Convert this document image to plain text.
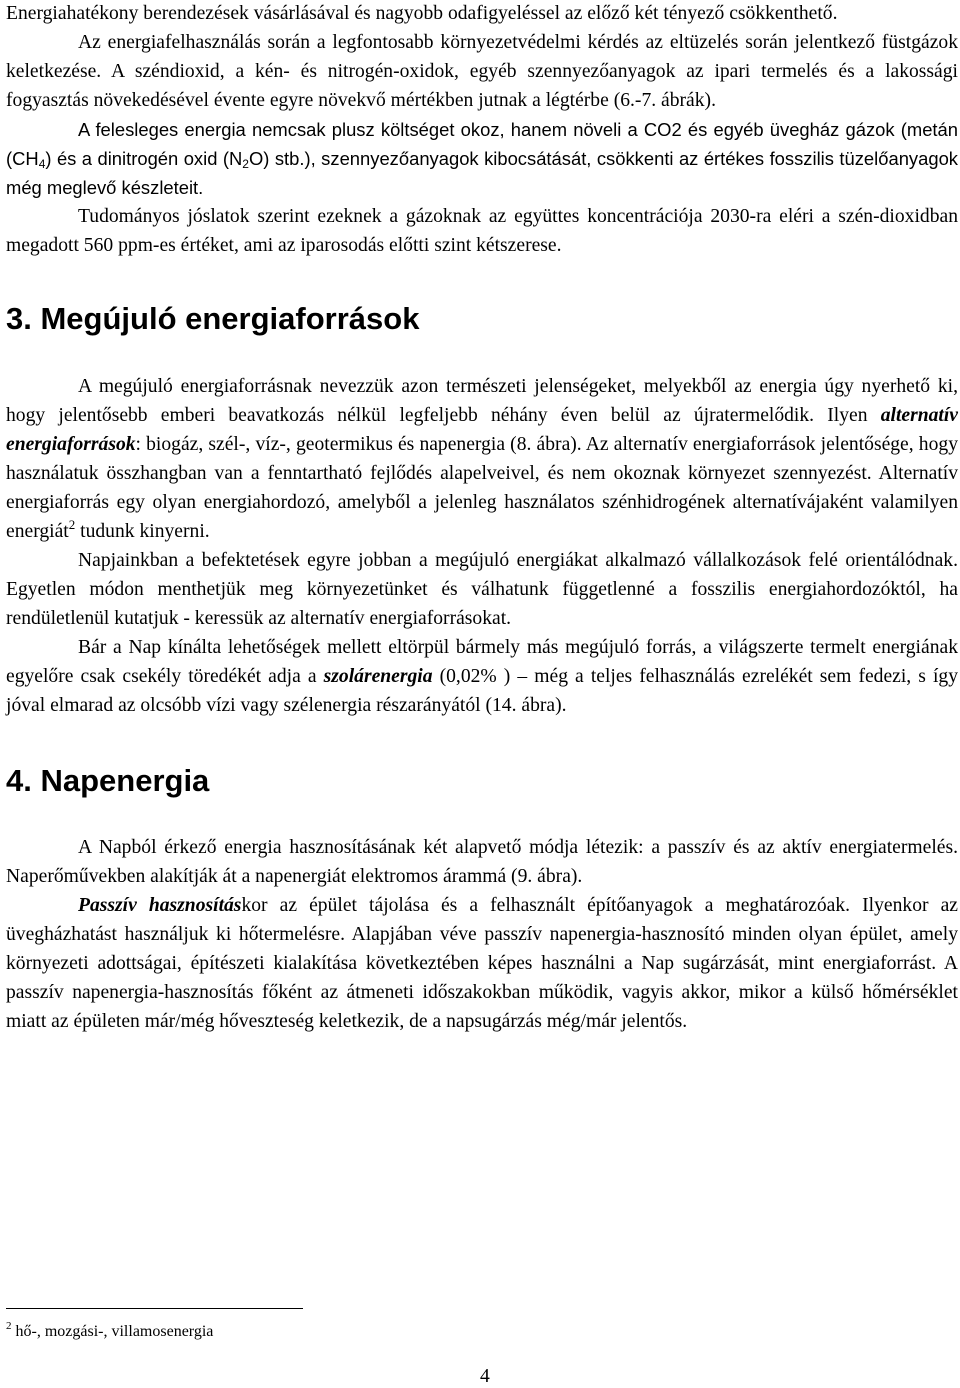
Energiahatékony berendezések vásárlásával és nagyobb odafigyeléssel az előző két tényező csökkenthető.

Az energiafelhasználás során a legfontosabb környezetvédelmi kérdés az eltüzelés során jelentkező füstgázok keletkezése. A széndioxid, a kén- és nitrogén-oxidok, egyéb szennyezőanyagok az ipari termelés és a lakossági fogyasztás növekedésével évente egyre növekvő mértékben jutnak a légtérbe (6.-7. ábrák).

A felesleges energia nemcsak plusz költséget okoz, hanem növeli a CO2 és egyéb üvegház gázok (metán $(CH_4)$ és a dinitrogén oxid $(N_2O)$ stb.), szennyezőanyagok kibocsátását, csökkenti az értékes fosszilis tüzelőanyagok még meglevő készleteit.

Tudományos jóslatok szerint ezeknek a gázoknak az együttes koncentrációja 2030-ra eléri a szén-dioxidban megadott 560 ppm-es értéket, ami az iparosodás előtti szint kétszerese.

3. Megújuló energiaforrások

A megújuló energiaforrásnak nevezzük azon természeti jelenségeket, melyekből az energia úgy nyerhető ki, hogy jelentősebb emberi beavatkozás nélkül legfeljebb néhány éven belül az újratermelődik. Ilyen alternatív energiaforrások: biogáz, szél-, víz-, geotermikus és napenergia (8. ábra). Az alternatív energiaforrások jelentősége, hogy használatuk összhangban van a fenntartható fejlődés alapelveivel, és nem okoznak környezet szennyezést. Alternatív energiaforrás egy olyan energiahordozó, amelyből a jelenleg használatos szénhidrogének alternatívájaként valamilyen energiát$^2$ tudunk kinyerni.

Napjainkban a befektetések egyre jobban a megújuló energiákat alkalmazó vállalkozások felé orientálódnak. Egyetlen módon menthetjük meg környezetünket és válhatunk függetlenné a fosszilis energiahordozóktól, ha rendületlenül kutatjuk - keressük az alternatív energiaforrásokat.

Bár a Nap kínálta lehetőségek mellett eltörpül bármely más megújuló forrás, a világszerte termelt energiának egyelőre csak csekély töredékét adja a szolárenergia (0,02% ) – még a teljes felhasználás ezrelékét sem fedezi, s így jóval elmarad az olcsóbb vízi vagy szélenergia részarányától (14. ábra).

4. Napenergia

A Napból érkező energia hasznosításának két alapvető módja létezik: a passzív és az aktív energiatermelés. Naperőművekben alakítják át a napenergiát elektromos árammá (9. ábra).

Passzív hasznosításkor az épület tájolása és a felhasznált építőanyagok a meghatározóak. Ilyenkor az üvegházhatást használjuk ki hőtermelésre. Alapjában véve passzív napenergia-hasznosító minden olyan épület, amely környezeti adottságai, építészeti kialakítása következtében képes használni a Nap sugárzását, mint energiaforrást. A passzív napenergia-hasznosítás főként az átmeneti időszakokban működik, vagyis akkor, mikor a külső hőmérséklet miatt az épületen már/még hőveszteség keletkezik, de a napsugárzás még/már jelentős.

$^2$ hő-, mozgási-, villamosenergia
4
